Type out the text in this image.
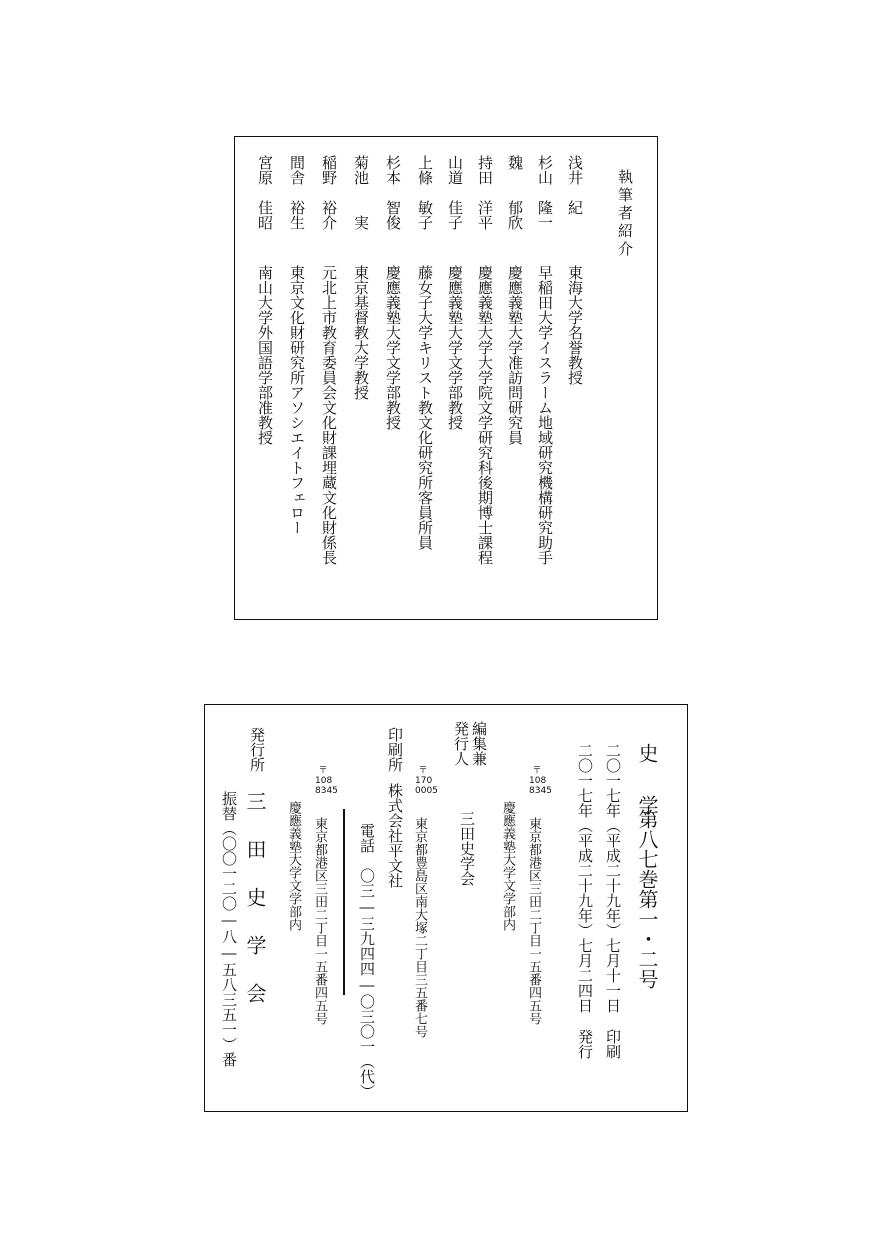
執筆者紹介

浅井　紀

東海大学名誉教授

杉山　隆一

早稲田大学イスラーム地域研究機構研究助手

魏　　郁欣

慶應義塾大学准訪問研究員

持田　洋平

慶應義塾大学大学院文学研究科後期博士課程

山道　佳子

慶應義塾大学文学部教授

上條　敏子

藤女子大学キリスト教文化研究所客員所員

杉本　智俊

慶應義塾大学文学部教授

菊池　　実

東京基督教大学教授

稲野　裕介

元北上市教育委員会文化財課埋蔵文化財係長

間舎　裕生

東京文化財研究所アソシエイトフェロー

宮原　佳昭

南山大学外国語学部准教授

史　学

第八七巻第一・二号

二〇一七年（平成二十九年）七月十一日

印刷

二〇一七年（平成二十九年）七月二四日

発行

編集兼

発行人

〒
108
8345

東京都港区三田二丁目一五番四五号

慶應義塾大学文学部内

三田史学会

印刷所	〒
170
0005

東京都豊島区南大塚二丁目三五番七号

株式会社平文社

電話　〇三―三九四四―〇三〇一（代）

発行所	〒
108
8345

東京都港区三田二丁目一五番四五号

慶應義塾大学文学部内

三 田 史 学 会

振替（〇〇一二〇―八―五八三五一）番
